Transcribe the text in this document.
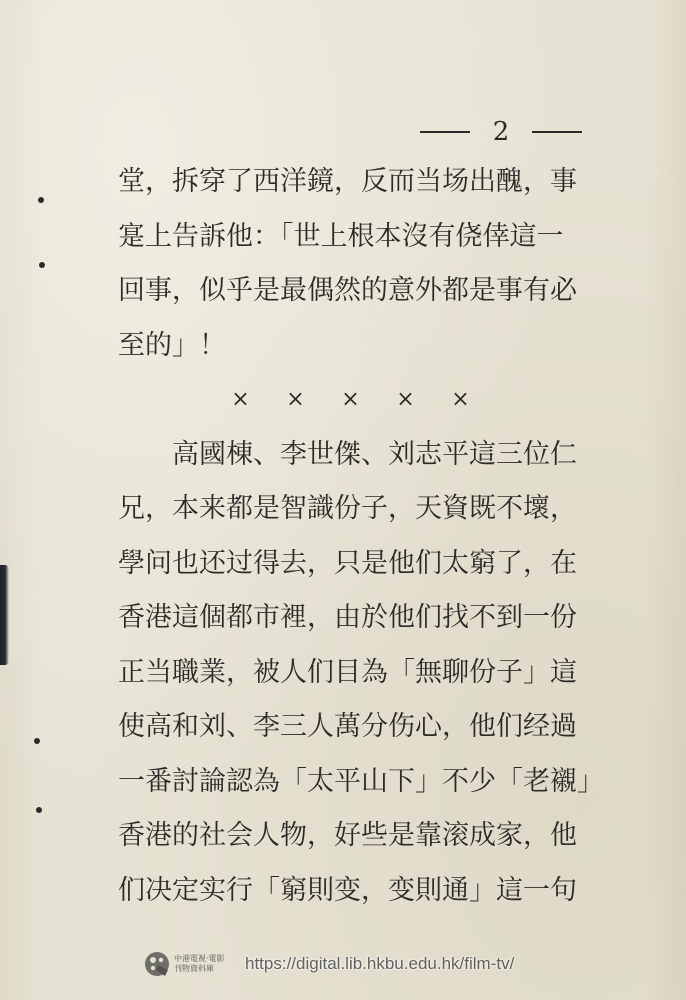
2
堂，拆穿了西洋鏡，反而当场出醜，事
寔上告訴他：「世上根本沒有侥倖這一
回事，似乎是最偶然的意外都是事有必
至的」！
× × × × ×
高國棟、李世傑、刘志平這三位仁
兄，本来都是智識份子，天資既不壞，
學问也还过得去，只是他们太窮了，在
香港這個都市裡，由於他们找不到一份
正当職業，被人们目為「無聊份子」這
使高和刘、李三人萬分伤心，他们经過
一番討論認為「太平山下」不少「老襯」
香港的社会人物，好些是靠滚成家，他
们决定实行「窮則变，变則通」這一句
中港電視‧電影
刊物資料庫	https://digital.lib.hkbu.edu.hk/film-tv/
